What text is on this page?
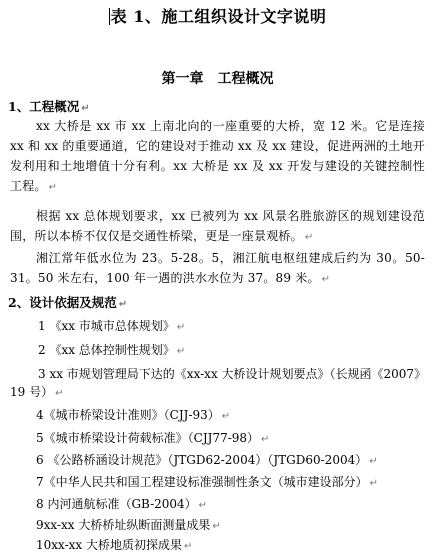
表 1、施工组织设计文字说明
第一章 工程概况
1、工程概况 ↵
xx 大桥是 xx 市 xx 上南北向的一座重要的大桥，宽 12 米。它是连接 xx 和 xx 的重要通道，它的建设对于推动 xx 及 xx 建设，促进两洲的土地开发利用和土地增值十分有利。xx 大桥是 xx 及 xx 开发与建设的关键控制性工程。 ↵
根据 xx 总体规划要求，xx 已被列为 xx 风景名胜旅游区的规划建设范围，所以本桥不仅仅是交通性桥梁，更是一座景观桥。 ↵
湘江常年低水位为 23。5-28。5，湘江航电枢纽建成后约为 30。50-31。50 米左右，100 年一遇的洪水水位为 37。89 米。 ↵
2、设计依据及规范 ↵
1 《xx 市城市总体规划》 ↵
2 《xx 总体控制性规划》 ↵
3 xx 市规划管理局下达的《xx-xx 大桥设计规划要点》（长规函《2007》
19 号） ↵
4《城市桥梁设计准则》（CJJ-93） ↵
5《城市桥梁设计荷载标准》（CJJ77-98） ↵
6 《公路桥涵设计规范》（JTGD62-2004）（JTGD60-2004） ↵
7《中华人民共和国工程建设标准强制性条文（城市建设部分） ↵
8 内河通航标准（GB-2004） ↵
9xx-xx 大桥桥址纵断面测量成果 ↵
10xx-xx 大桥地质初探成果 ↵
